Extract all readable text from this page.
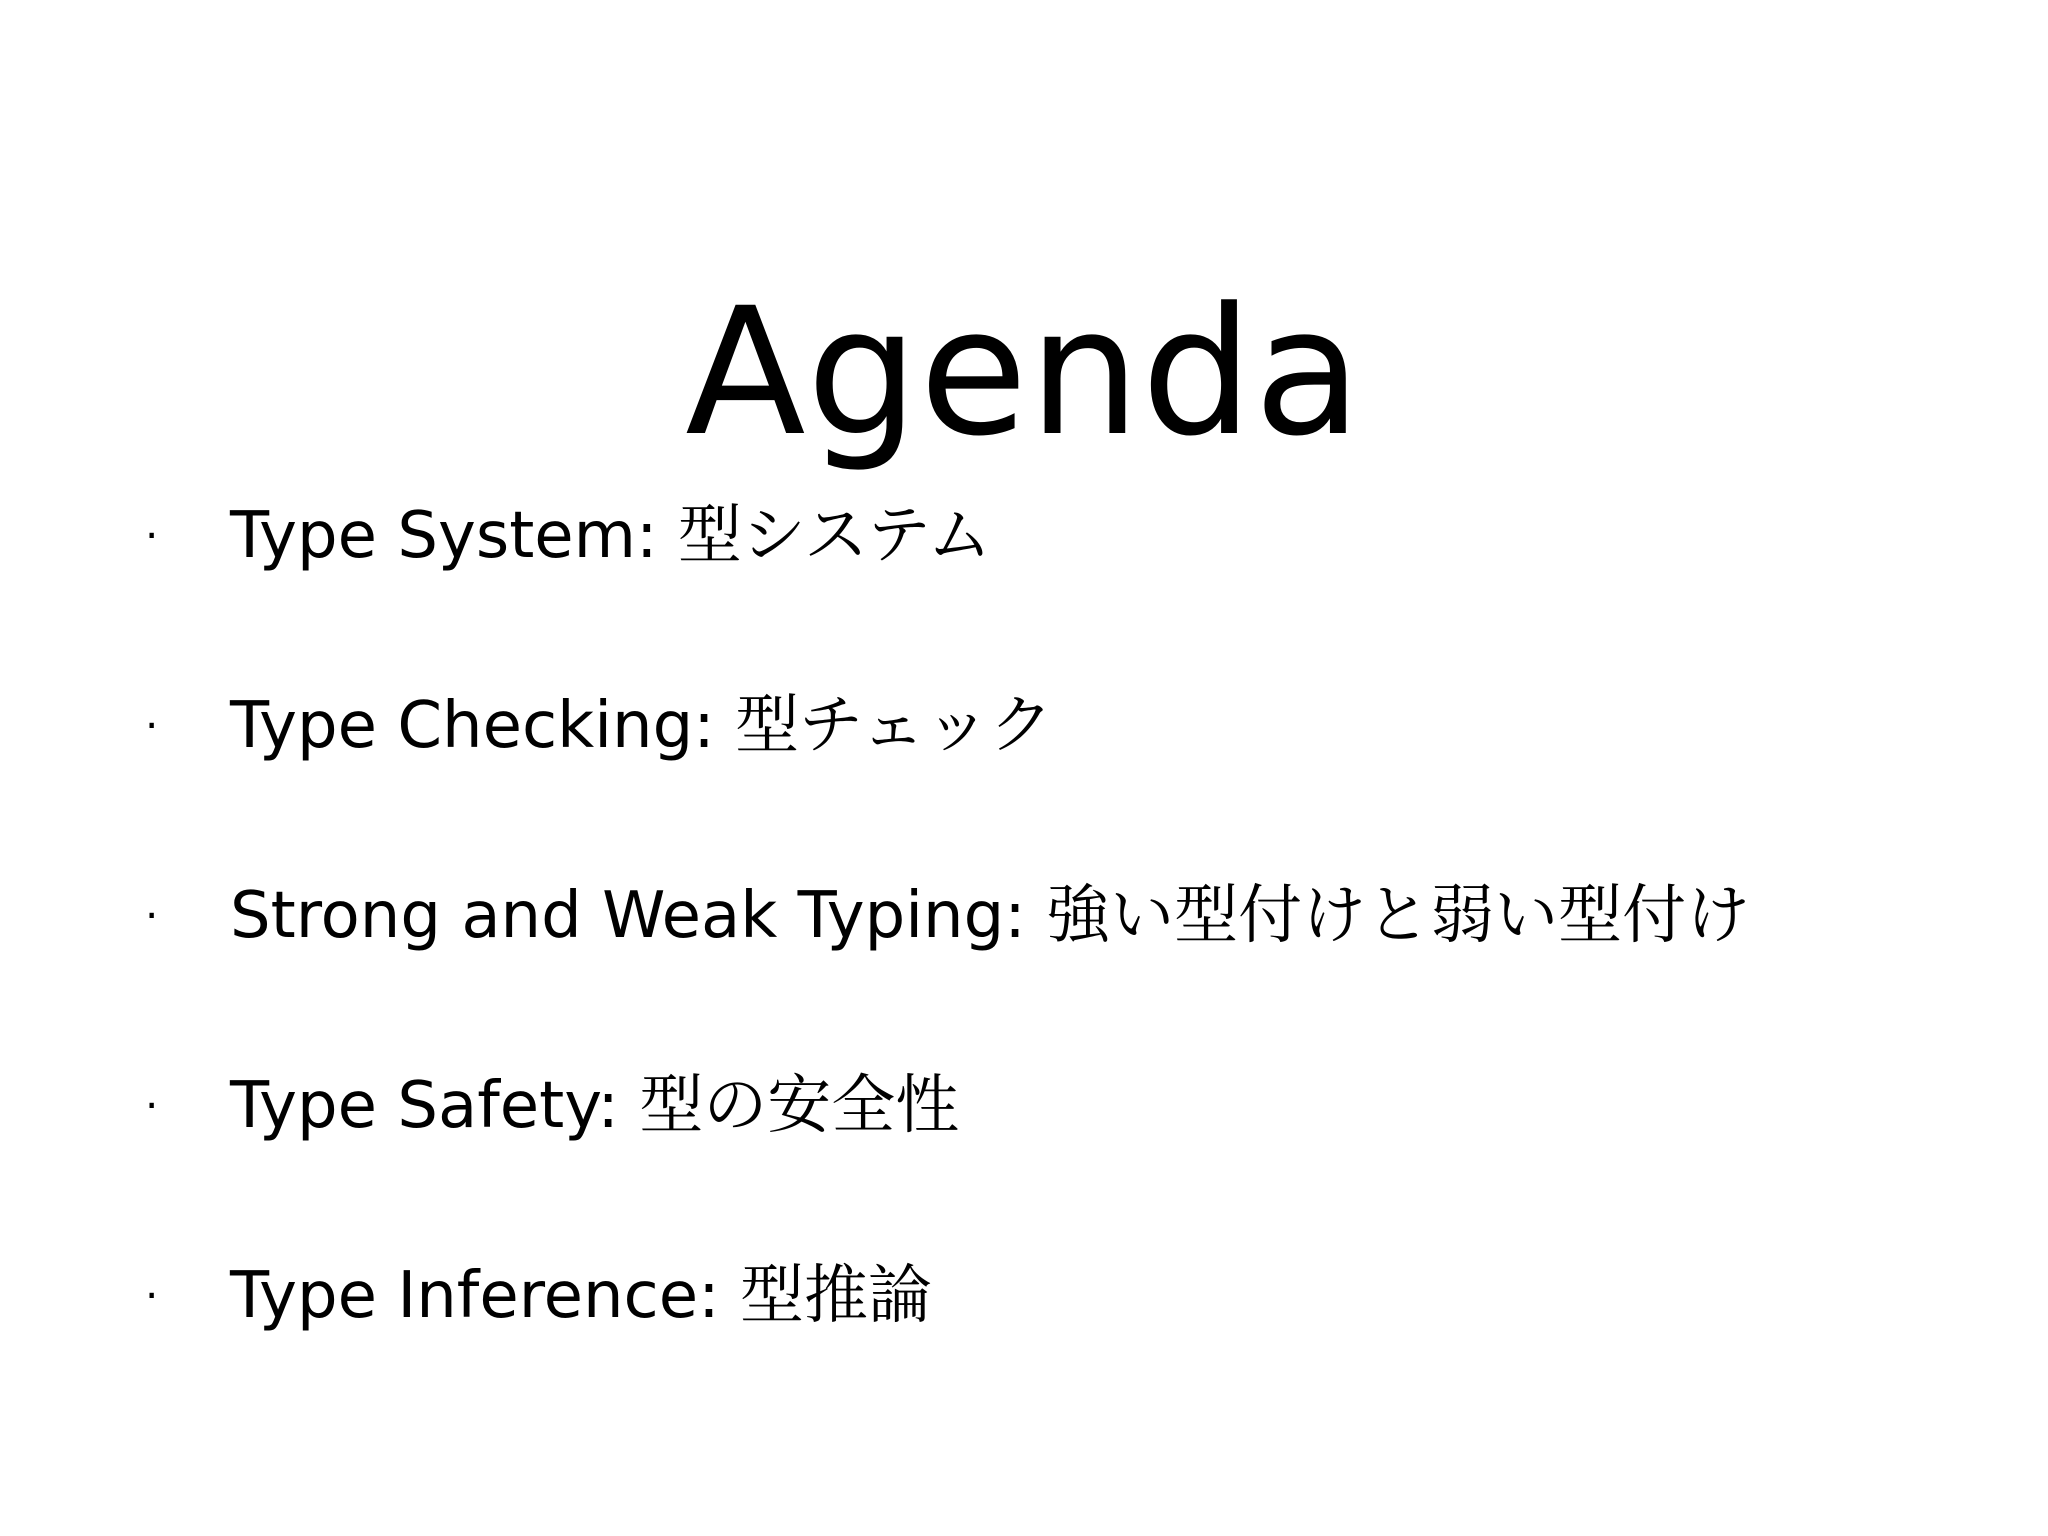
Agenda
·	Type System: 型システム
·	Type Checking: 型チェック
·	Strong and Weak Typing: 強い型付けと弱い型付け
·	Type Safety: 型の安全性
·	Type Inference: 型推論
